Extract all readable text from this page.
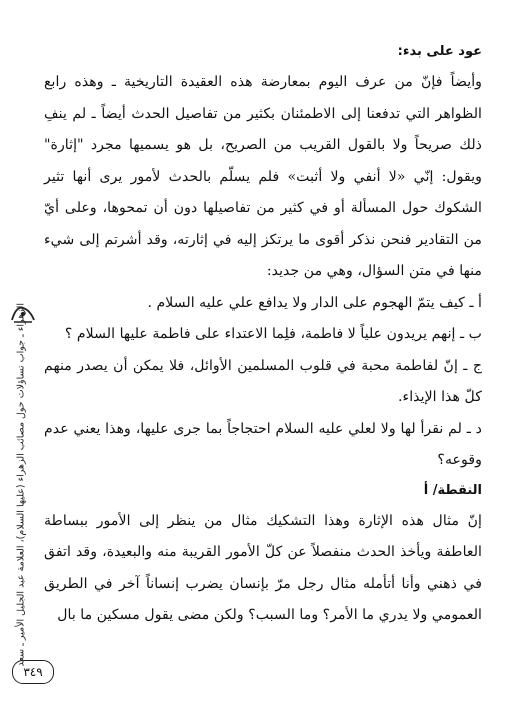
عود على بدء:

وأيضاً فإنّ من عرف اليوم بمعارضة هذه العقيدة التاريخية ـ وهذه رابع الظواهر التي تدفعنا إلى الاطمئنان بكثير من تفاصيل الحدث أيضاً ـ لم ينفِ ذلك صريحاً ولا بالقول القريب من الصريح، بل هو يسميها مجرد "إثارة" ويقول: إنّي «لا أنفي ولا أثبت» فلم يسلّم بالحدث لأمور يرى أنها تثير الشكوك حول المسألة أو في كثير من تفاصيلها دون أن تمحوها، وعلى أيّ من التقادير فنحن نذكر أقوى ما يرتكز إليه في إثارته، وقد أشرتم إلى شيء منها في متن السؤال، وهي من جديد:

أ ـ كيف يتمّ الهجوم على الدار ولا يدافع علي عليه السلام .

ب ـ إنهم يريدون علياً لا فاطمة، فلِما الاعتداء على فاطمة عليها السلام ؟

ج ـ إنّ لفاطمة محبة في قلوب المسلمين الأوائل، فلا يمكن أن يصدر منهم كلّ هذا الإيذاء.

د ـ لم نقرأ لها ولا لعلي عليه السلام احتجاجاً بما جرى عليها، وهذا يعني عدم وقوعه؟

النقطة/ أ

إنّ مثال هذه الإثارة وهذا التشكيك مثال من ينظر إلى الأمور ببساطة العاطفة ويأخذ الحدث منفصلاً عن كلّ الأمور القريبة منه والبعيدة، وقد اتفق في ذهني وأنا أتأمله مثال رجل مرّ بإنسان يضرب إنساناً آخر في الطريق العمومي ولا يدري ما الأمر؟ وما السبب؟ ولكن مضى يقول مسكين ما بال

الزهراء ـ جواب تساؤلات حول مصائب الزهراء (عليها السلام)، العلامة عبد الجليل الأمير ـ سعد
٣٤٩
